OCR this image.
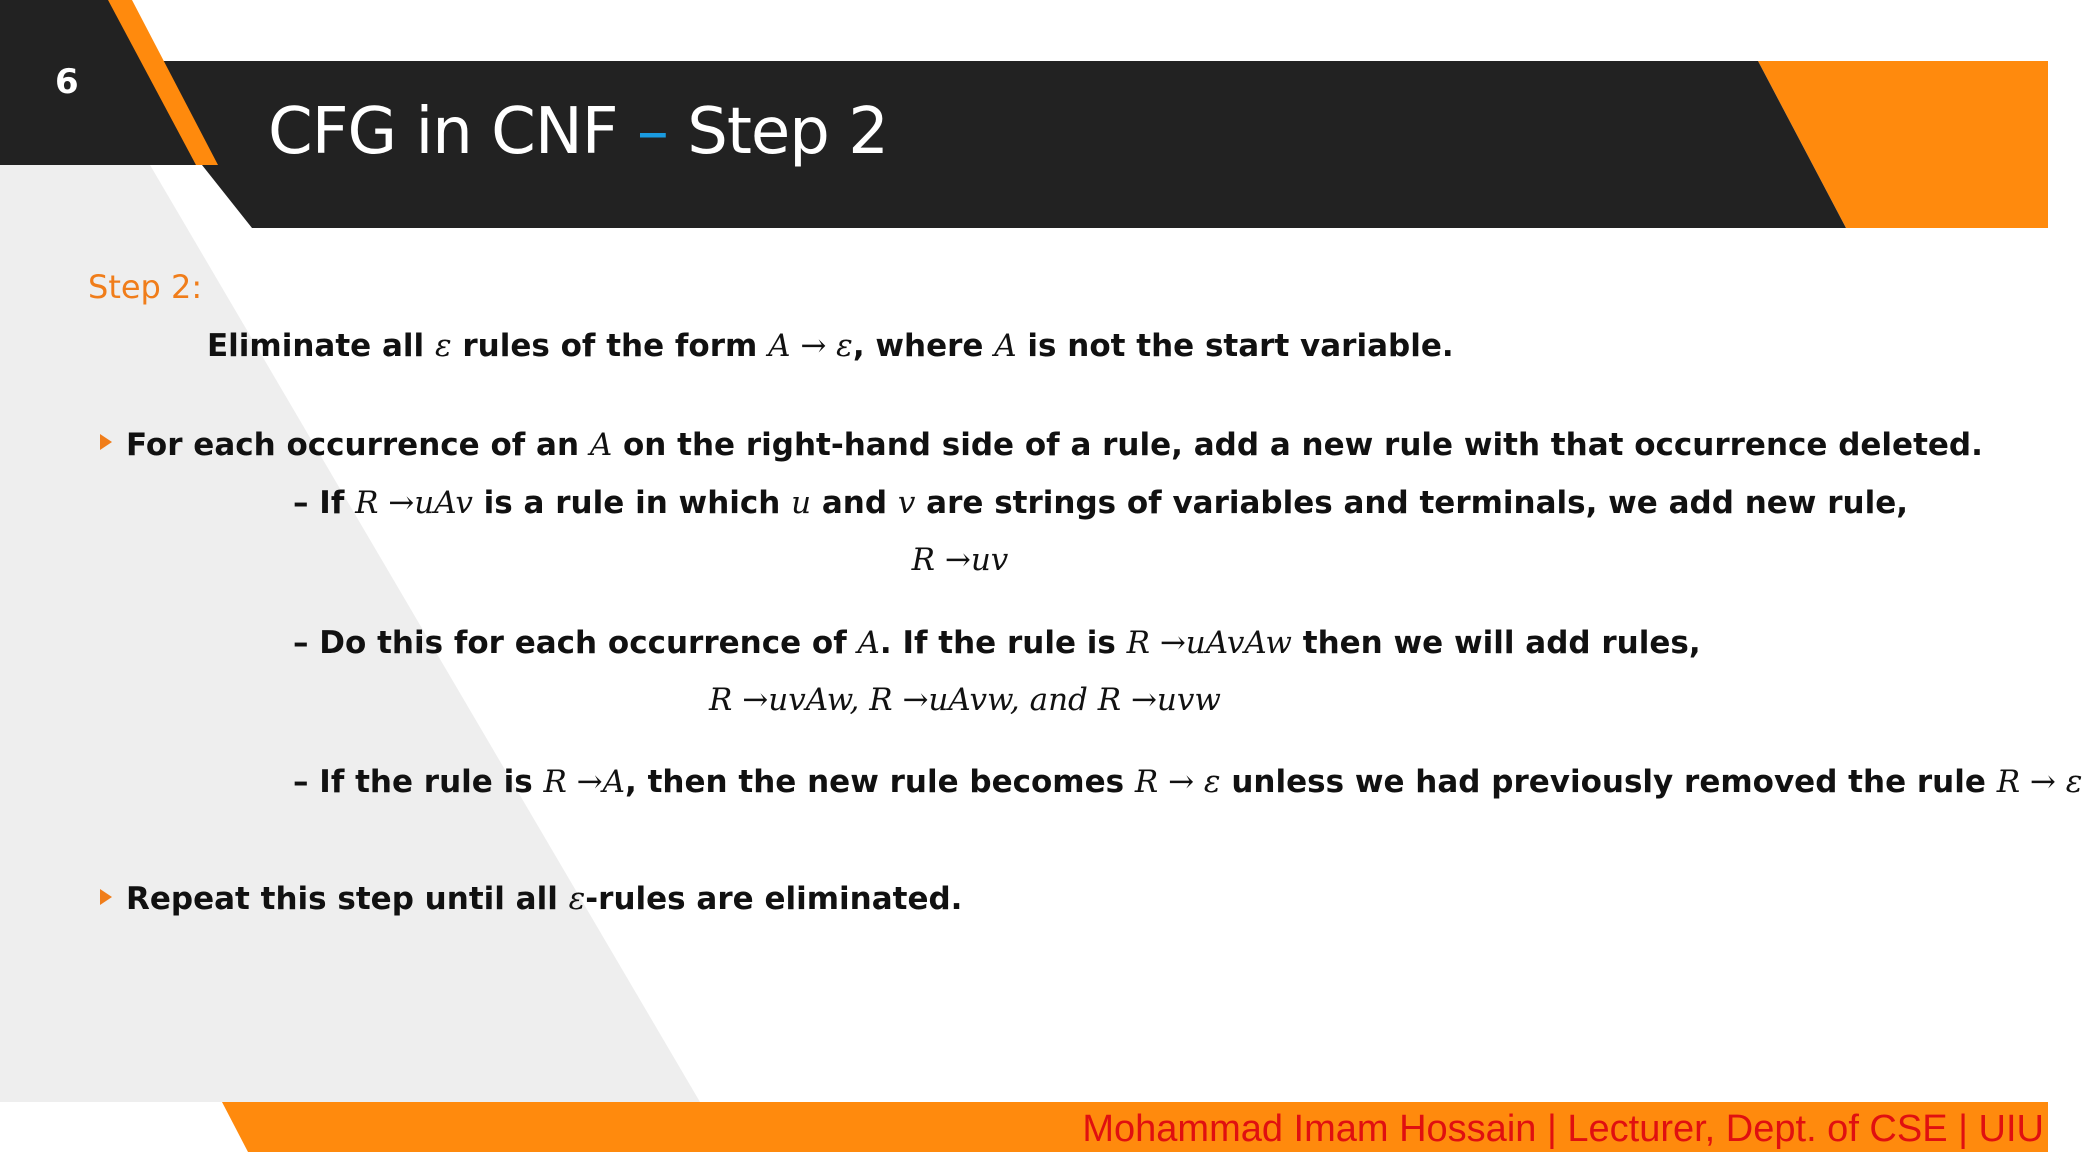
6
CFG in CNF – Step 2
Step 2:
Eliminate all ε rules of the form A → ε, where A is not the start variable.
For each occurrence of an A on the right-hand side of a rule, add a new rule with that occurrence deleted.
– If R →uAv is a rule in which u and v are strings of variables and terminals, we add new rule,
R →uv
– Do this for each occurrence of A. If the rule is R →uAvAw then we will add rules,
R →uvAw, R →uAvw, and R →uvw
– If the rule is R →A, then the new rule becomes R → ε unless we had previously removed the rule R → ε
Repeat this step until all ε-rules are eliminated.
Mohammad Imam Hossain | Lecturer, Dept. of CSE | UIU
